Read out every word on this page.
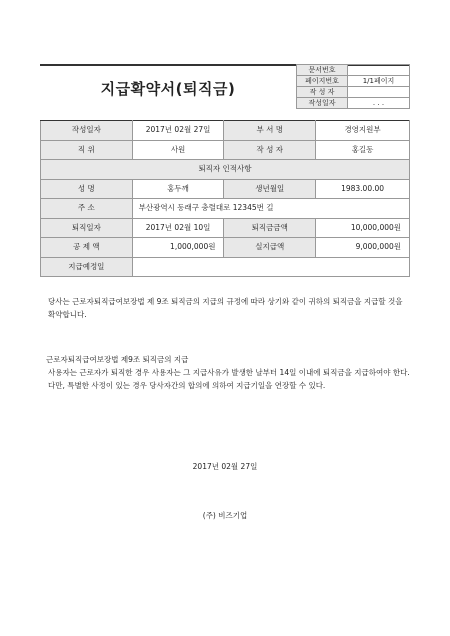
지급확약서(퇴직금)
문서번호	
페이지번호	1/1페이지
작 성 자	
작성일자	. . .
작성일자	2017년 02월 27일	부 서 명	경영지원부
직 위	사원	작 성 자	홍길동
퇴직자 인적사항			
성 명	홍두깨	생년월일	1983.00.00
주 소	부산광역시 동래구 충렬대로 12345번 길		
퇴직일자	2017년 02월 10일	퇴직금금액	10,000,000원
공 제 액	1,000,000원	실지급액	9,000,000원
지급예정일			
당사는 근로자퇴직급여보장법 제 9조 퇴직금의 지급의 규정에 따라 상기와 같이 귀하의 퇴직금을 지급할 것을 확약합니다.
근로자퇴직급여보장법 제9조 퇴직금의 지급
사용자는 근로자가 퇴직한 경우 사용자는 그 지급사유가 발생한 날부터 14일 이내에 퇴직금을 지급하여야 한다. 다만, 특별한 사정이 있는 경우 당사자간의 합의에 의하여 지급기일을 연장할 수 있다.
2017년 02월 27일
(주) 비즈기업
